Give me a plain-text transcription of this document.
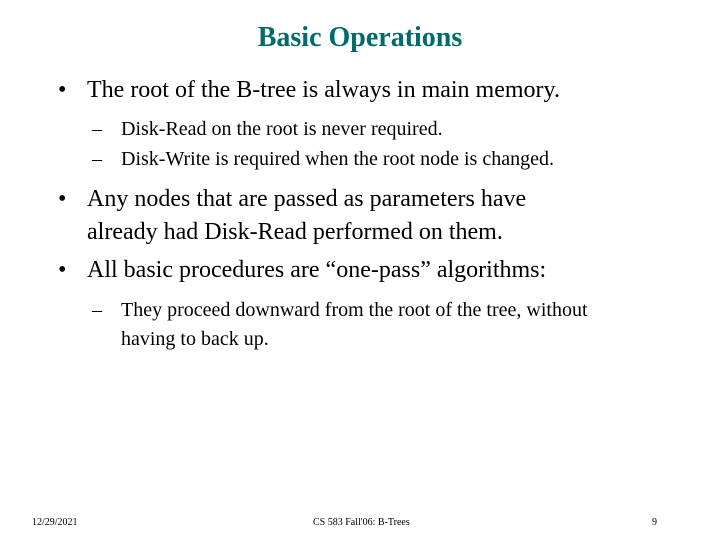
Basic Operations
• The root of the B-tree is always in main memory.
– Disk-Read on the root is never required.
– Disk-Write is required when the root node is changed.
• Any nodes that are passed as parameters have
already had Disk-Read performed on them.
• All basic procedures are “one-pass” algorithms:
– They proceed downward from the root of the tree, without
having to back up.
12/29/2021	CS 583 Fall'06: B-Trees	9
